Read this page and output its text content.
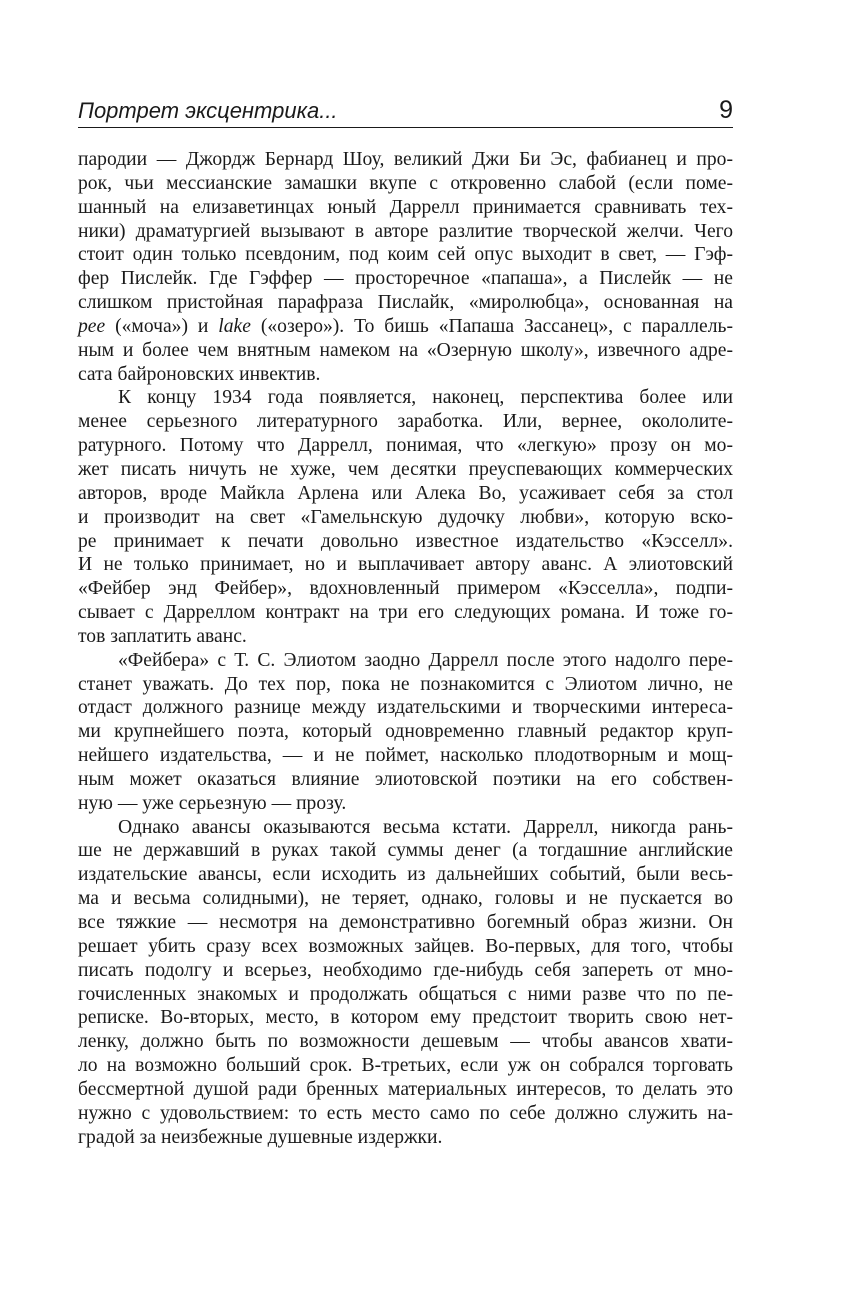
Портрет эксцентрика...	9

пародии — Джордж Бернард Шоу, великий Джи Би Эс, фабианец и про-
рок, чьи мессианские замашки вкупе с откровенно слабой (если поме-
шанный на елизаветинцах юный Даррелл принимается сравнивать тех-
ники) драматургией вызывают в авторе разлитие творческой желчи. Чего
стоит один только псевдоним, под коим сей опус выходит в свет, — Гэф-
фер Пислейк. Где Гэффер — просторечное «папаша», а Пислейк — не
слишком пристойная парафраза Пислайк, «миролюбца», основанная на
pee («моча») и lake («озеро»). То бишь «Папаша Зассанец», с параллель-
ным и более чем внятным намеком на «Озерную школу», извечного адре-
сата байроновских инвектив.

К концу 1934 года появляется, наконец, перспектива более или
менее серьезного литературного заработка. Или, вернее, окололите-
ратурного. Потому что Даррелл, понимая, что «легкую» прозу он мо-
жет писать ничуть не хуже, чем десятки преуспевающих коммерческих
авторов, вроде Майкла Арлена или Алека Во, усаживает себя за стол
и производит на свет «Гамельнскую дудочку любви», которую вско-
ре принимает к печати довольно известное издательство «Кэсселл».
И не только принимает, но и выплачивает автору аванс. А элиотовский
«Фейбер энд Фейбер», вдохновленный примером «Кэсселла», подпи-
сывает с Дарреллом контракт на три его следующих романа. И тоже го-
тов заплатить аванс.

«Фейбера» с Т. С. Элиотом заодно Даррелл после этого надолго пере-
станет уважать. До тех пор, пока не познакомится с Элиотом лично, не
отдаст должного разнице между издательскими и творческими интереса-
ми крупнейшего поэта, который одновременно главный редактор круп-
нейшего издательства, — и не поймет, насколько плодотворным и мощ-
ным может оказаться влияние элиотовской поэтики на его собствен-
ную — уже серьезную — прозу.

Однако авансы оказываются весьма кстати. Даррелл, никогда рань-
ше не державший в руках такой суммы денег (а тогдашние английские
издательские авансы, если исходить из дальнейших событий, были весь-
ма и весьма солидными), не теряет, однако, головы и не пускается во
все тяжкие — несмотря на демонстративно богемный образ жизни. Он
решает убить сразу всех возможных зайцев. Во-первых, для того, чтобы
писать подолгу и всерьез, необходимо где-нибудь себя запереть от мно-
гочисленных знакомых и продолжать общаться с ними разве что по пе-
реписке. Во-вторых, место, в котором ему предстоит творить свою нет-
ленку, должно быть по возможности дешевым — чтобы авансов хвати-
ло на возможно больший срок. В-третьих, если уж он собрался торговать
бессмертной душой ради бренных материальных интересов, то делать это
нужно с удовольствием: то есть место само по себе должно служить на-
градой за неизбежные душевные издержки.
